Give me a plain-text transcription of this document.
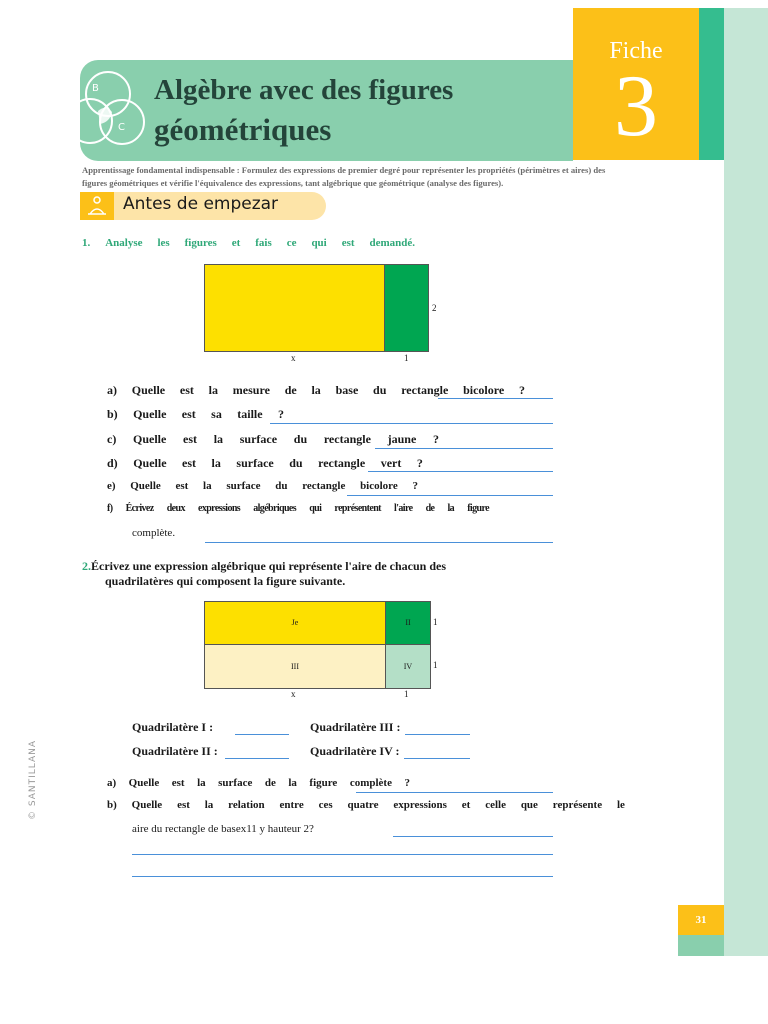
B
C
Algèbre avec des figures
géométriques
Fiche
3
Apprentissage fondamental indispensable : Formulez des expressions de premier degré pour représenter les propriétés (périmètres et aires) des figures géométriques et vérifie l'équivalence des expressions, tant algébrique que géométrique (analyse des figures).
Antes de empezar
1. Analyse les figures et fais ce qui est demandé.
2
x	1
a) Quelle est la mesure de la base du rectangle bicolore ?
b) Quelle est sa taille ?
c) Quelle est la surface du rectangle jaune ?
d) Quelle est la surface du rectangle vert ?
e) Quelle est la surface du rectangle bicolore ?
f) Écrivez deux expressions algébriques qui représentent l'aire de la figure
complète.
2.Écrivez une expression algébrique qui représente l'aire de chacun des
quadrilatères qui composent la figure suivante.
Je	II
III	IV
1
1
x	1
Quadrilatère I :	Quadrilatère III :
Quadrilatère II :	Quadrilatère IV :
a) Quelle est la surface de la figure complète ?
b) Quelle est la relation entre ces quatre expressions et celle que représente le
aire du rectangle de basex11 y hauteur 2?
© SANTILLANA
31
